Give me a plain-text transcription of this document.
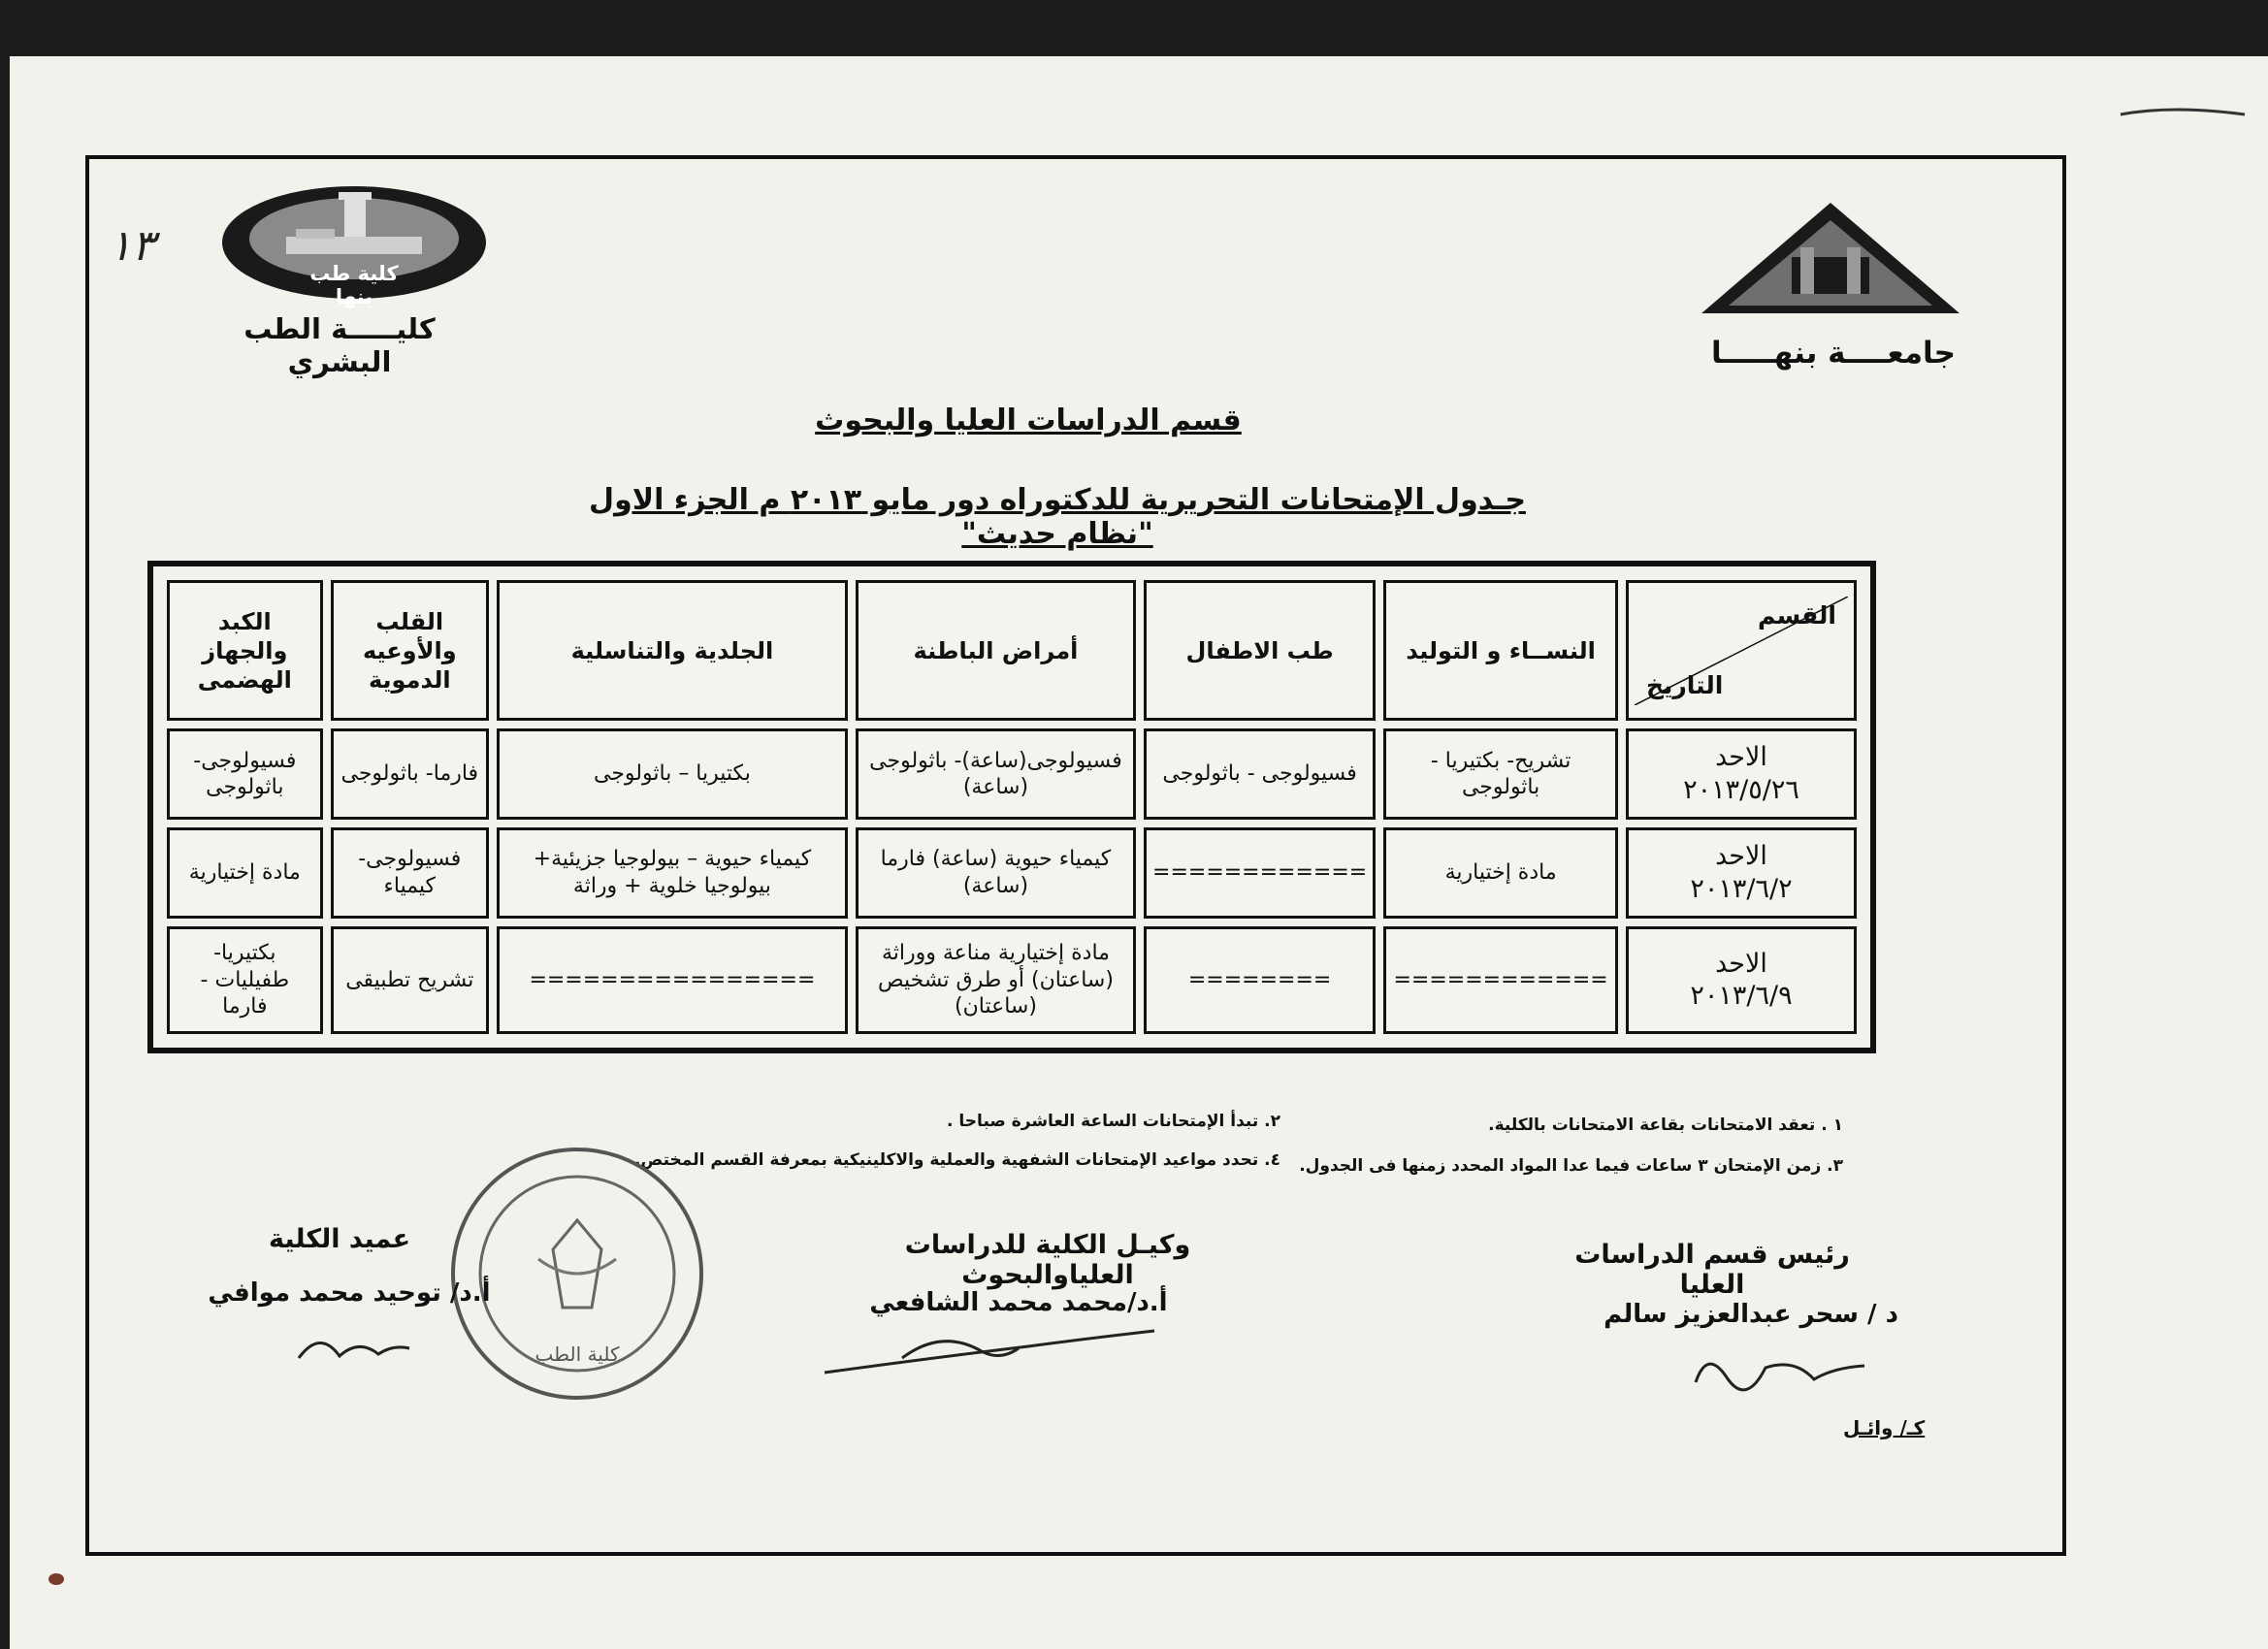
كلية طب بنها
١٣
كليـــــة الطب البشري	جامعــــة بنهـــــا
قسم الدراسات العليا والبحوث
جـدول الإمتحانات التحريرية للدكتوراه دور مايو ٢٠١٣ م الجزء الاول "نظام حديث"
القسم
التاريخ	النســاء و التوليد	طب الاطفال	أمراض الباطنة	الجلدية والتناسلية	القلب والأوعيه الدموية	الكبد والجهاز الهضمى

الاحد
٢٠١٣/٥/٢٦	تشريح- بكتيريا - باثولوجى	فسيولوجى - باثولوجى	فسيولوجى(ساعة)- باثولوجى (ساعة)	بكتيريا – باثولوجى	فارما- باثولوجى	فسيولوجى- باثولوجى

الاحد
٢٠١٣/٦/٢	مادة إختيارية	============	كيمياء حيوية (ساعة) فارما (ساعة)	كيمياء حيوية – بيولوجيا جزيئية+ بيولوجيا خلوية + وراثة	فسيولوجى- كيمياء	مادة إختيارية

الاحد
٢٠١٣/٦/٩	============	========	مادة إختيارية مناعة ووراثة (ساعتان) أو طرق تشخيص (ساعتان)	================	تشريح تطبيقى	بكتيريا- طفيليات - فارما
١ . تعقد الامتحانات بقاعة الامتحانات بالكلية.
٢. تبدأ الإمتحانات الساعة العاشرة صباحا .
٣. زمن الإمتحان ٣ ساعات فيما عدا المواد المحدد زمنها فى الجدول.
٤. تحدد مواعيد الإمتحانات الشفهية والعملية والاكلينيكية بمعرفة القسم المختص.
كلية الطب
رئيس قسم الدراسات العليا
د / سحر عبدالعزيز سالم
وكيـل الكلية للدراسات العلياوالبحوث
أ.د/محمد محمد الشافعي
عميد الكلية
أ.د/ توحيد محمد موافي
كـ/ وائـل
